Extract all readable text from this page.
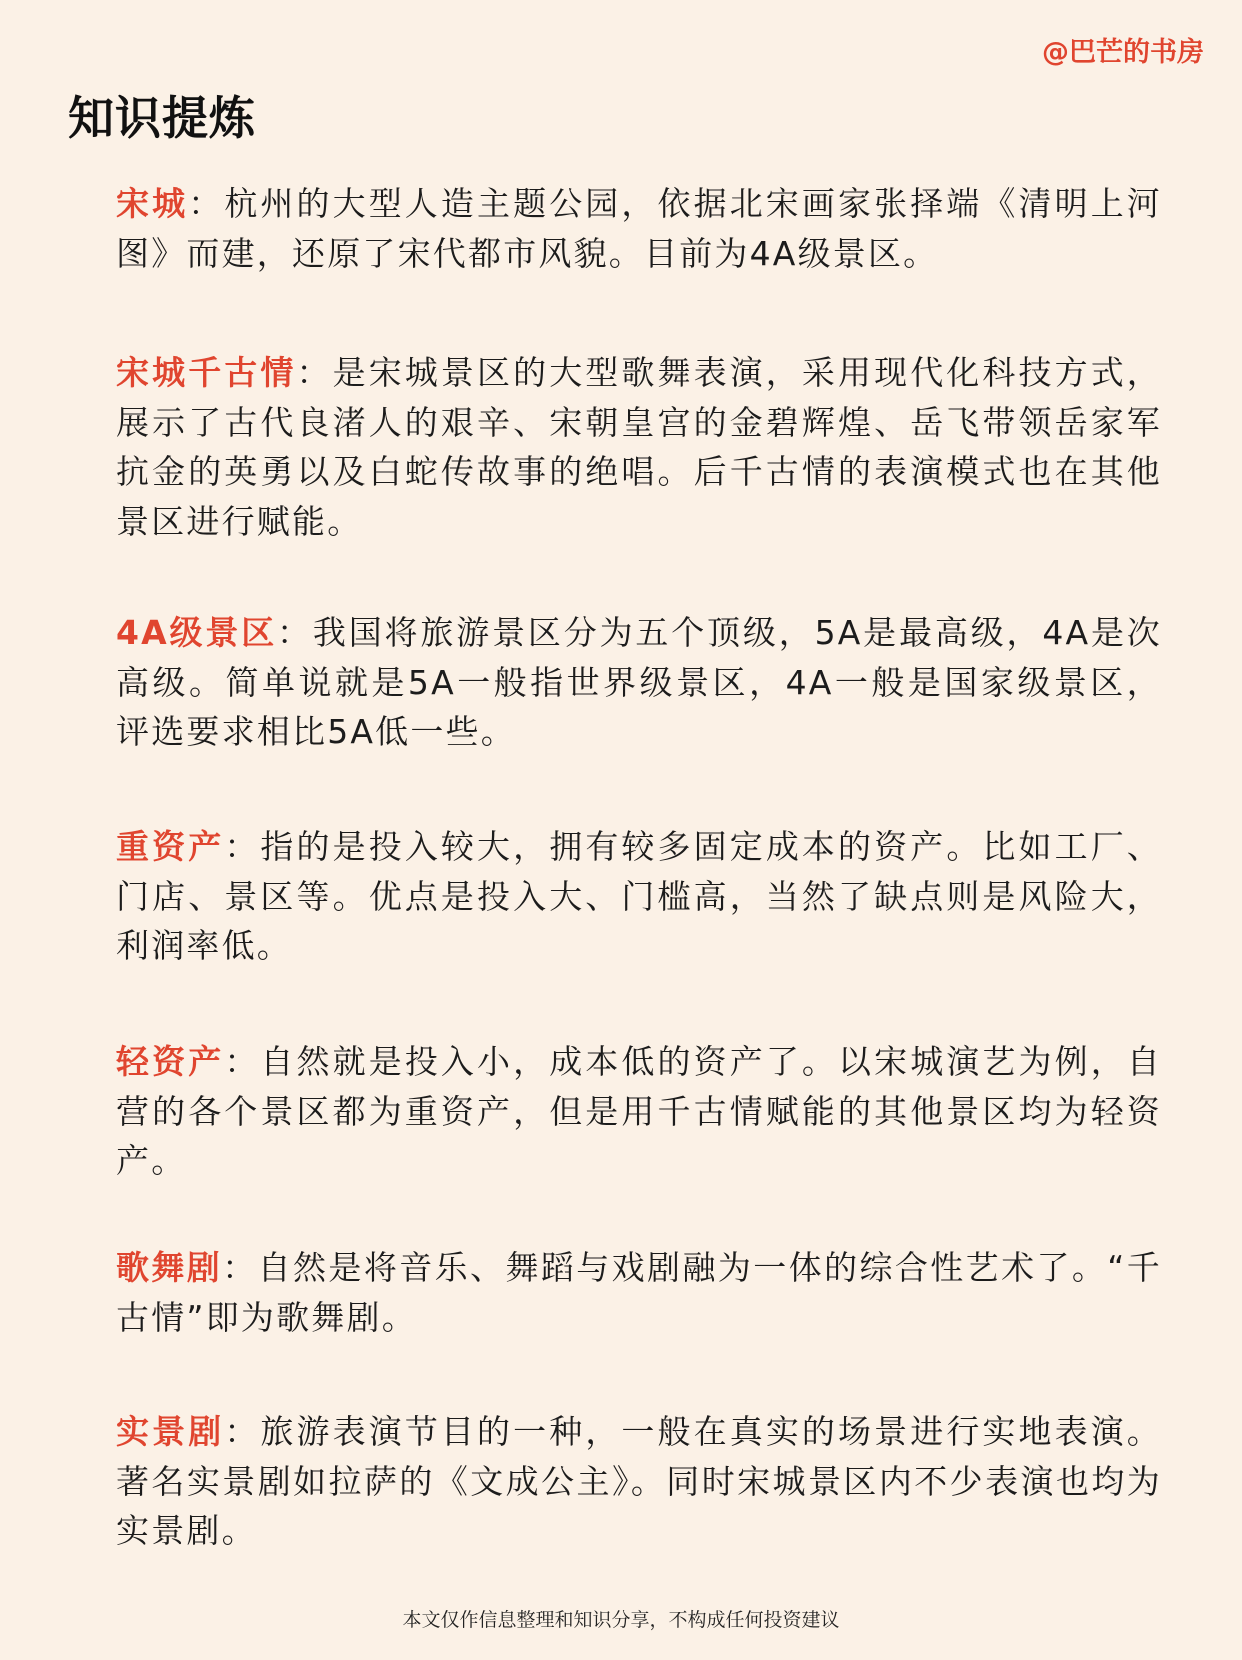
@巴芒的书房
知识提炼
宋城：杭州的大型人造主题公园，依据北宋画家张择端《清明上河图》而建，还原了宋代都市风貌。目前为4A级景区。
宋城千古情：是宋城景区的大型歌舞表演，采用现代化科技方式，展示了古代良渚人的艰辛、宋朝皇宫的金碧辉煌、岳飞带领岳家军抗金的英勇以及白蛇传故事的绝唱。后千古情的表演模式也在其他景区进行赋能。
4A级景区：我国将旅游景区分为五个顶级，5A是最高级，4A是次高级。简单说就是5A一般指世界级景区，4A一般是国家级景区，评选要求相比5A低一些。
重资产：指的是投入较大，拥有较多固定成本的资产。比如工厂、门店、景区等。优点是投入大、门槛高，当然了缺点则是风险大，利润率低。
轻资产：自然就是投入小，成本低的资产了。以宋城演艺为例，自营的各个景区都为重资产，但是用千古情赋能的其他景区均为轻资产。
歌舞剧：自然是将音乐、舞蹈与戏剧融为一体的综合性艺术了。“千古情”即为歌舞剧。
实景剧：旅游表演节目的一种，一般在真实的场景进行实地表演。著名实景剧如拉萨的《文成公主》。同时宋城景区内不少表演也均为实景剧。
本文仅作信息整理和知识分享，不构成任何投资建议
